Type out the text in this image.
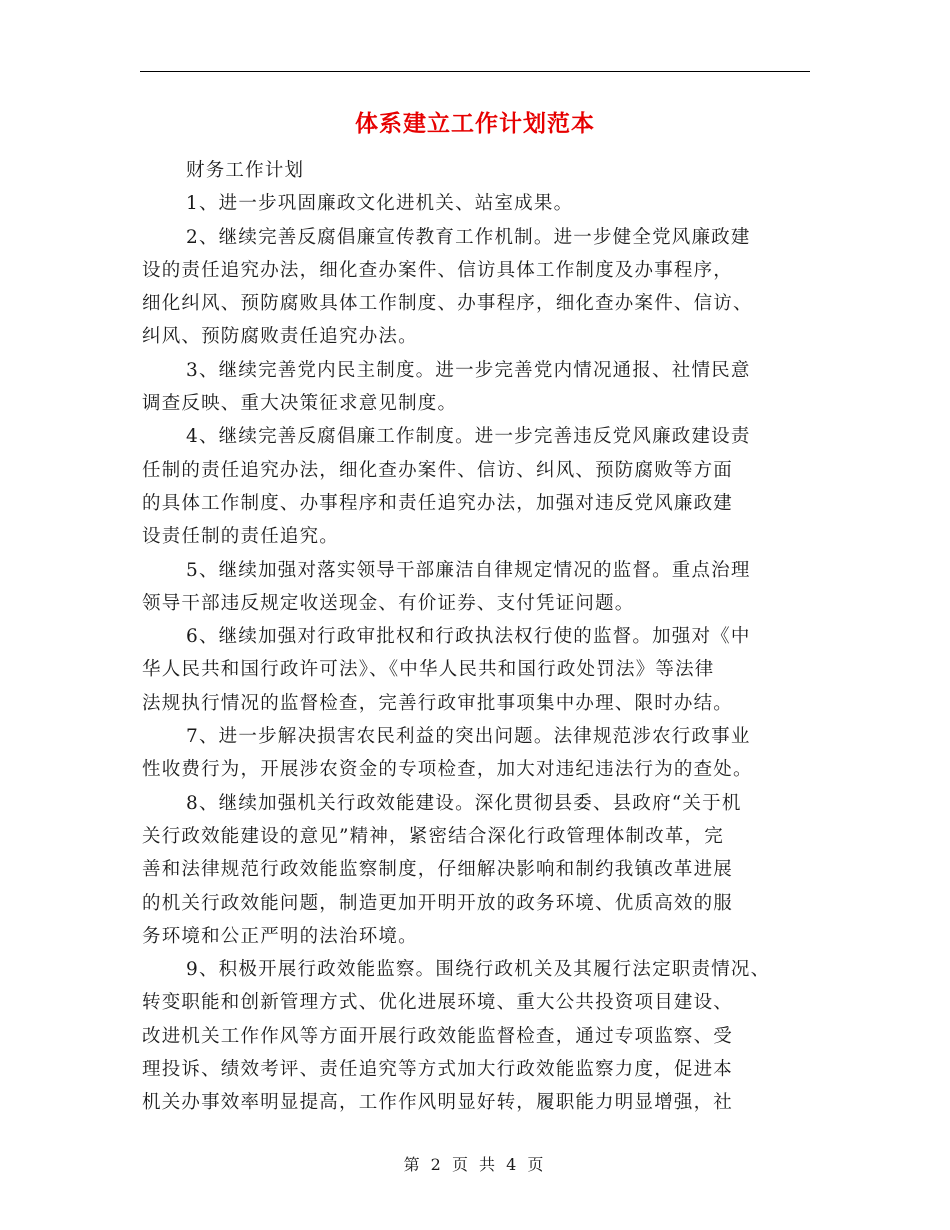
体系建立工作计划范本
财务工作计划
1、进一步巩固廉政文化进机关、站室成果。
2、继续完善反腐倡廉宣传教育工作机制。进一步健全党风廉政建
设的责任追究办法，细化查办案件、信访具体工作制度及办事程序，
细化纠风、预防腐败具体工作制度、办事程序，细化查办案件、信访、
纠风、预防腐败责任追究办法。
3、继续完善党内民主制度。进一步完善党内情况通报、社情民意
调查反映、重大决策征求意见制度。
4、继续完善反腐倡廉工作制度。进一步完善违反党风廉政建设责
任制的责任追究办法，细化查办案件、信访、纠风、预防腐败等方面
的具体工作制度、办事程序和责任追究办法，加强对违反党风廉政建
设责任制的责任追究。
5、继续加强对落实领导干部廉洁自律规定情况的监督。重点治理
领导干部违反规定收送现金、有价证券、支付凭证问题。
6、继续加强对行政审批权和行政执法权行使的监督。加强对《中
华人民共和国行政许可法》、《中华人民共和国行政处罚法》等法律
法规执行情况的监督检查，完善行政审批事项集中办理、限时办结。
7、进一步解决损害农民利益的突出问题。法律规范涉农行政事业
性收费行为，开展涉农资金的专项检查，加大对违纪违法行为的查处。
8、继续加强机关行政效能建设。深化贯彻县委、县政府“关于机
关行政效能建设的意见”精神，紧密结合深化行政管理体制改革，完
善和法律规范行政效能监察制度，仔细解决影响和制约我镇改革进展
的机关行政效能问题，制造更加开明开放的政务环境、优质高效的服
务环境和公正严明的法治环境。
9、积极开展行政效能监察。围绕行政机关及其履行法定职责情况、
转变职能和创新管理方式、优化进展环境、重大公共投资项目建设、
改进机关工作作风等方面开展行政效能监督检查，通过专项监察、受
理投诉、绩效考评、责任追究等方式加大行政效能监察力度，促进本
机关办事效率明显提高，工作作风明显好转，履职能力明显增强，社
第 2 页 共 4 页
